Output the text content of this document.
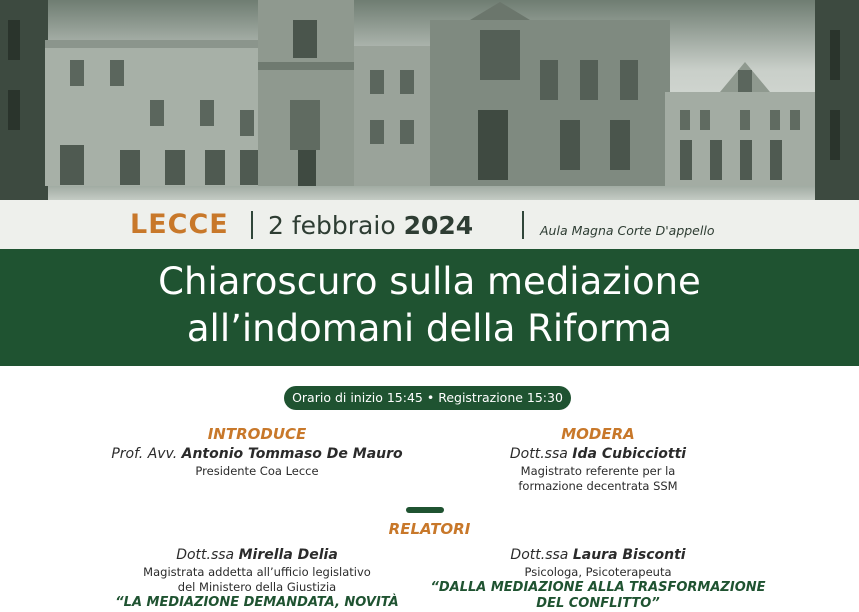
LECCE 2 febbraio 2024	Aula Magna Corte D'appello
Chiaroscuro sulla mediazione
all’indomani della Riforma
Orario di inizio 15:45 • Registrazione 15:30
INTRODUCE
Prof. Avv. Antonio Tommaso De Mauro
Presidente Coa Lecce
MODERA
Dott.ssa Ida Cubicciotti
Magistrato referente per la
formazione decentrata SSM
RELATORI
Dott.ssa Mirella Delia
Magistrata addetta all’ufficio legislativo
del Ministero della Giustizia
“LA MEDIAZIONE DEMANDATA, NOVITÀ
Dott.ssa Laura Bisconti
Psicologa, Psicoterapeuta
“DALLA MEDIAZIONE ALLA TRASFORMAZIONE
DEL CONFLITTO”
